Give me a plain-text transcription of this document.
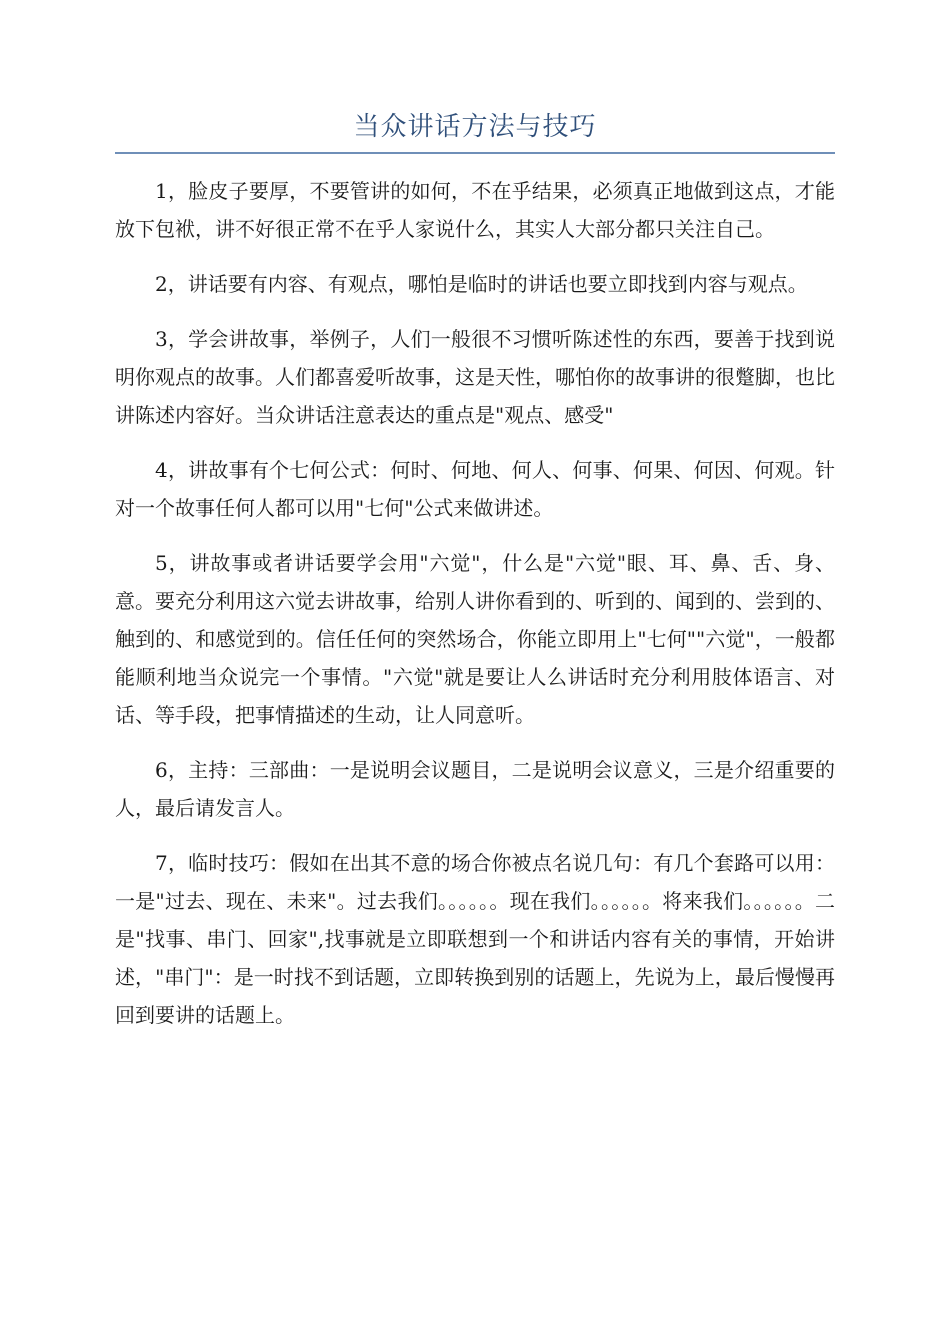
当众讲话方法与技巧

1，脸皮子要厚，不要管讲的如何，不在乎结果，必须真正地做到这点，才能放下包袱，讲不好很正常不在乎人家说什么，其实人大部分都只关注自己。

2，讲话要有内容、有观点，哪怕是临时的讲话也要立即找到内容与观点。

3，学会讲故事，举例子，人们一般很不习惯听陈述性的东西，要善于找到说明你观点的故事。人们都喜爱听故事，这是天性，哪怕你的故事讲的很蹩脚，也比讲陈述内容好。当众讲话注意表达的重点是"观点、感受"

4，讲故事有个七何公式：何时、何地、何人、何事、何果、何因、何观。针对一个故事任何人都可以用"七何"公式来做讲述。

5，讲故事或者讲话要学会用"六觉"，什么是"六觉"眼、耳、鼻、舌、身、意。要充分利用这六觉去讲故事，给别人讲你看到的、听到的、闻到的、尝到的、触到的、和感觉到的。信任任何的突然场合，你能立即用上"七何""六觉"，一般都能顺利地当众说完一个事情。"六觉"就是要让人么讲话时充分利用肢体语言、对话、等手段，把事情描述的生动，让人同意听。

6，主持：三部曲：一是说明会议题目，二是说明会议意义，三是介绍重要的人，最后请发言人。

7，临时技巧：假如在出其不意的场合你被点名说几句：有几个套路可以用：一是"过去、现在、未来"。过去我们。。。。。。现在我们。。。。。。将来我们。。。。。。二是"找事、串门、回家",找事就是立即联想到一个和讲话内容有关的事情，开始讲述，"串门"：是一时找不到话题，立即转换到别的话题上，先说为上，最后慢慢再回到要讲的话题上。
